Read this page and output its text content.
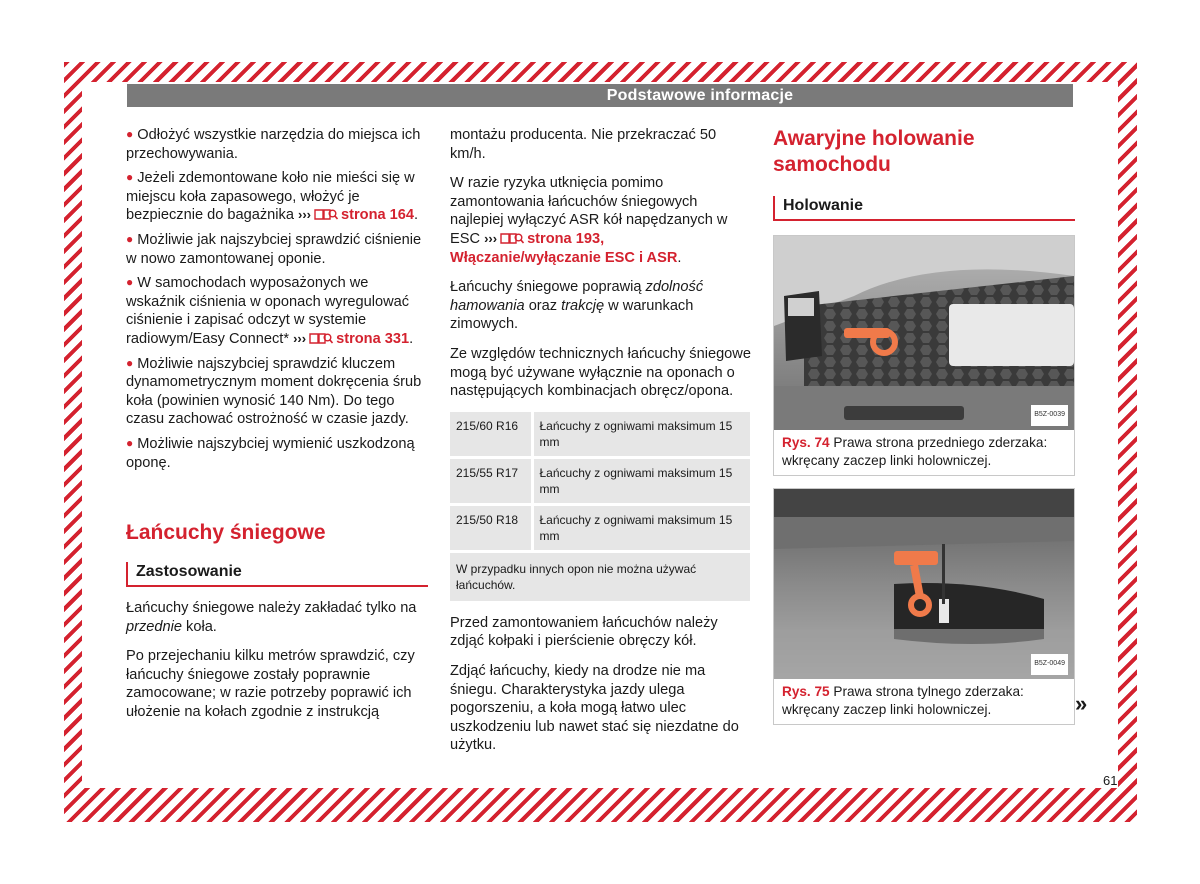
Podstawowe informacje
● Odłożyć wszystkie narzędzia do miejsca ich przechowywania.
● Jeżeli zdemontowane koło nie mieści się w miejscu koła zapasowego, włożyć je bezpiecznie do bagażnika ››› strona 164.
● Możliwie jak najszybciej sprawdzić ciśnienie w nowo zamontowanej oponie.
● W samochodach wyposażonych we wskaźnik ciśnienia w oponach wyregulować ciśnienie i zapisać odczyt w systemie radiowym/Easy Connect* ››› strona 331.
● Możliwie najszybciej sprawdzić kluczem dynamometrycznym moment dokręcenia śrub koła (powinien wynosić 140 Nm). Do tego czasu zachować ostrożność w czasie jazdy.
● Możliwie najszybciej wymienić uszkodzoną oponę.
Łańcuchy śniegowe
Zastosowanie

Łańcuchy śniegowe należy zakładać tylko na przednie koła.

Po przejechaniu kilku metrów sprawdzić, czy łańcuchy śniegowe zostały poprawnie zamocowane; w razie potrzeby poprawić ich ułożenie na kołach zgodnie z instrukcją

montażu producenta. Nie przekraczać 50 km/h.

W razie ryzyka utknięcia pomimo zamontowania łańcuchów śniegowych najlepiej wyłączyć ASR kół napędzanych w ESC ››› strona 193, Włączanie/wyłączanie ESC i ASR.

Łańcuchy śniegowe poprawią zdolność hamowania oraz trakcję w warunkach zimowych.

Ze względów technicznych łańcuchy śniegowe mogą być używane wyłącznie na oponach o następujących kombinacjach obręcz/opona.

215/60 R16	Łańcuchy z ogniwami maksimum 15 mm
215/55 R17	Łańcuchy z ogniwami maksimum 15 mm
215/50 R18	Łańcuchy z ogniwami maksimum 15 mm
W przypadku innych opon nie można używać łańcuchów.	

Przed zamontowaniem łańcuchów należy zdjąć kołpaki i pierścienie obręczy kół.

Zdjąć łańcuchy, kiedy na drodze nie ma śniegu. Charakterystyka jazdy ulega pogorszeniu, a koła mogą łatwo ulec uszkodzeniu lub nawet stać się niezdatne do użytku.

Awaryjne holowanie samochodu
Holowanie
B5Z-0039
Rys. 74 Prawa strona przedniego zderzaka: wkręcany zaczep linki holowniczej.
B5Z-0049
Rys. 75 Prawa strona tylnego zderzaka: wkręcany zaczep linki holowniczej.	»
61
